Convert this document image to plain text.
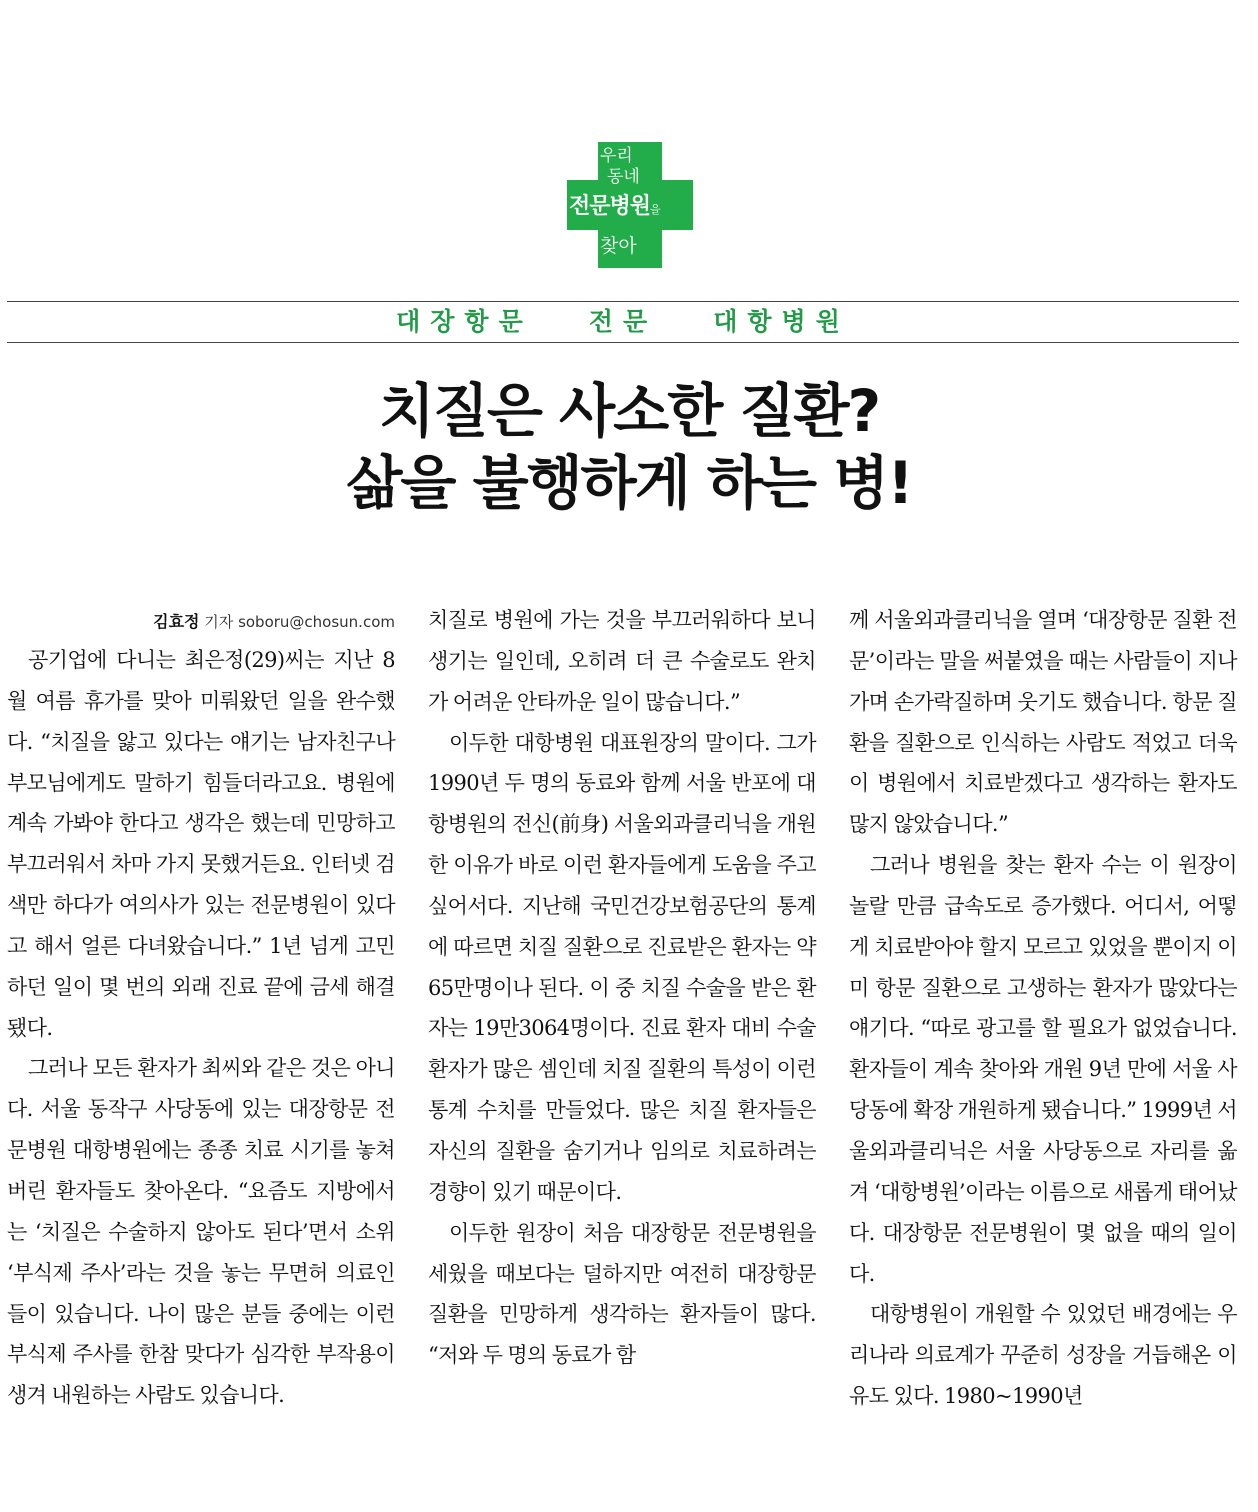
우리
동네
전문병원을
찾아
대장항문   전문   대항병원
치질은 사소한 질환?
삶을 불행하게 하는 병!
김효정 기자 soboru@chosun.com

공기업에 다니는 최은정(29)씨는 지난 8월 여름 휴가를 맞아 미뤄왔던 일을 완수했다. “치질을 앓고 있다는 얘기는 남자친구나 부모님에게도 말하기 힘들더라고요. 병원에 계속 가봐야 한다고 생각은 했는데 민망하고 부끄러워서 차마 가지 못했거든요. 인터넷 검색만 하다가 여의사가 있는 전문병원이 있다고 해서 얼른 다녀왔습니다.” 1년 넘게 고민하던 일이 몇 번의 외래 진료 끝에 금세 해결됐다.

그러나 모든 환자가 최씨와 같은 것은 아니다. 서울 동작구 사당동에 있는 대장항문 전문병원 대항병원에는 종종 치료 시기를 놓쳐버린 환자들도 찾아온다. “요즘도 지방에서는 ‘치질은 수술하지 않아도 된다’면서 소위 ‘부식제 주사’라는 것을 놓는 무면허 의료인들이 있습니다. 나이 많은 분들 중에는 이런 부식제 주사를 한참 맞다가 심각한 부작용이 생겨 내원하는 사람도 있습니다.

치질로 병원에 가는 것을 부끄러워하다 보니 생기는 일인데, 오히려 더 큰 수술로도 완치가 어려운 안타까운 일이 많습니다.”

이두한 대항병원 대표원장의 말이다. 그가 1990년 두 명의 동료와 함께 서울 반포에 대항병원의 전신(前身) 서울외과클리닉을 개원한 이유가 바로 이런 환자들에게 도움을 주고 싶어서다. 지난해 국민건강보험공단의 통계에 따르면 치질 질환으로 진료받은 환자는 약 65만명이나 된다. 이 중 치질 수술을 받은 환자는 19만3064명이다. 진료 환자 대비 수술 환자가 많은 셈인데 치질 질환의 특성이 이런 통계 수치를 만들었다. 많은 치질 환자들은 자신의 질환을 숨기거나 임의로 치료하려는 경향이 있기 때문이다.

이두한 원장이 처음 대장항문 전문병원을 세웠을 때보다는 덜하지만 여전히 대장항문 질환을 민망하게 생각하는 환자들이 많다. “저와 두 명의 동료가 함

께 서울외과클리닉을 열며 ‘대장항문 질환 전문’이라는 말을 써붙였을 때는 사람들이 지나가며 손가락질하며 웃기도 했습니다. 항문 질환을 질환으로 인식하는 사람도 적었고 더욱이 병원에서 치료받겠다고 생각하는 환자도 많지 않았습니다.”

그러나 병원을 찾는 환자 수는 이 원장이 놀랄 만큼 급속도로 증가했다. 어디서, 어떻게 치료받아야 할지 모르고 있었을 뿐이지 이미 항문 질환으로 고생하는 환자가 많았다는 얘기다. “따로 광고를 할 필요가 없었습니다. 환자들이 계속 찾아와 개원 9년 만에 서울 사당동에 확장 개원하게 됐습니다.” 1999년 서울외과클리닉은 서울 사당동으로 자리를 옮겨 ‘대항병원’이라는 이름으로 새롭게 태어났다. 대장항문 전문병원이 몇 없을 때의 일이다.

대항병원이 개원할 수 있었던 배경에는 우리나라 의료계가 꾸준히 성장을 거듭해온 이유도 있다. 1980~1990년
